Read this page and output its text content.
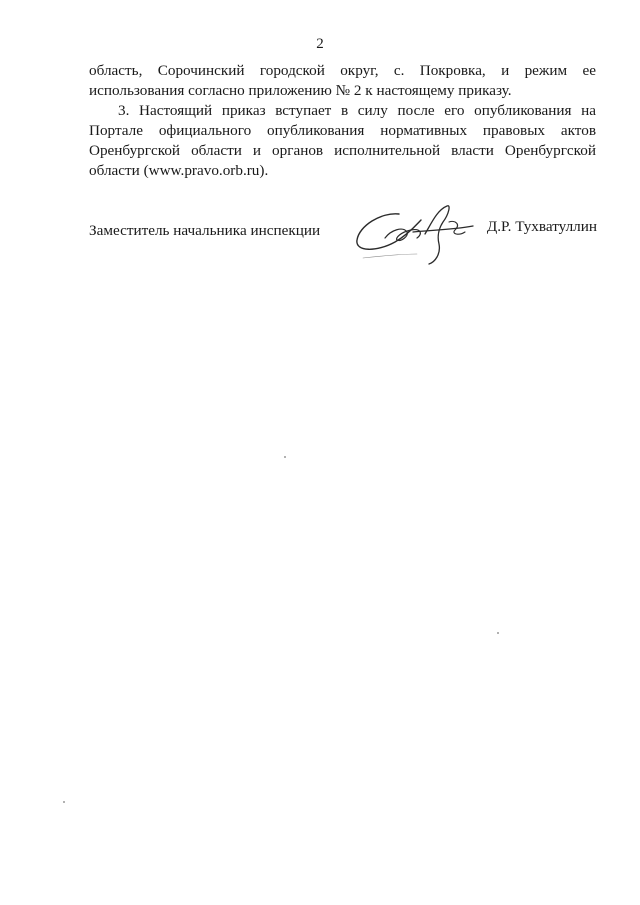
2

область, Сорочинский городской округ, с. Покровка, и режим ее использования согласно приложению № 2 к настоящему приказу.

3. Настоящий приказ вступает в силу после его опубликования на Портале официального опубликования нормативных правовых актов Оренбургской области и органов исполнительной власти Оренбургской области (www.pravo.orb.ru).

Заместитель начальника инспекции	Д.Р. Тухватуллин
